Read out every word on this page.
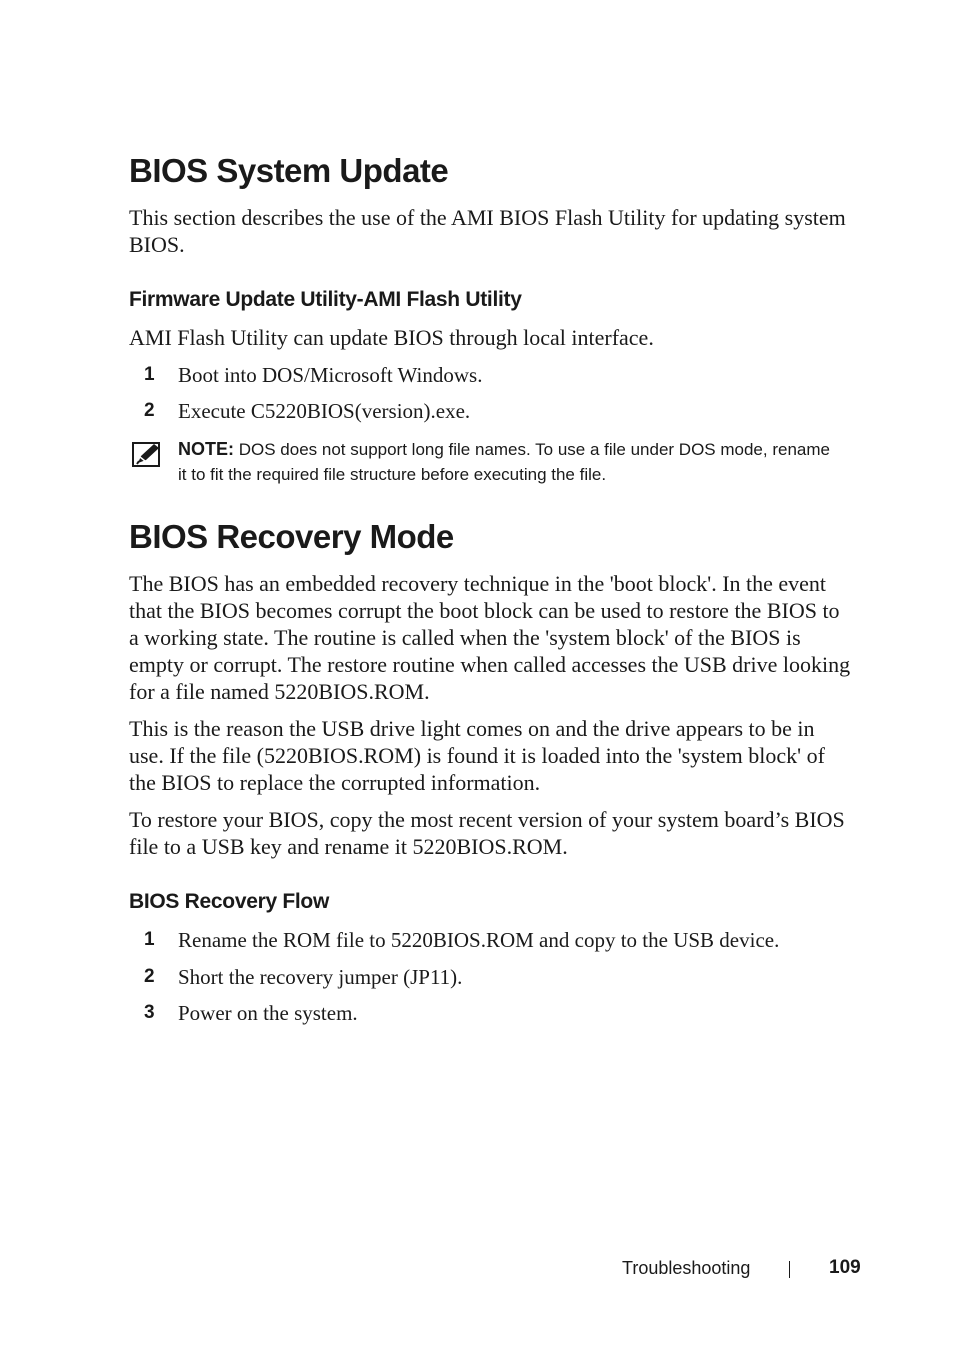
BIOS System Update

This section describes the use of the AMI BIOS Flash Utility for updating system BIOS.

Firmware Update Utility-AMI Flash Utility

AMI Flash Utility can update BIOS through local interface.

1 Boot into DOS/Microsoft Windows.
2 Execute C5220BIOS(version).exe.
NOTE: DOS does not support long file names. To use a file under DOS mode, rename it to fit the required file structure before executing the file.
BIOS Recovery Mode

The BIOS has an embedded recovery technique in the 'boot block'. In the event that the BIOS becomes corrupt the boot block can be used to restore the BIOS to a working state. The routine is called when the 'system block' of the BIOS is empty or corrupt. The restore routine when called accesses the USB drive looking for a file named 5220BIOS.ROM.

This is the reason the USB drive light comes on and the drive appears to be in use. If the file (5220BIOS.ROM) is found it is loaded into the 'system block' of the BIOS to replace the corrupted information.

To restore your BIOS, copy the most recent version of your system board’s BIOS file to a USB key and rename it 5220BIOS.ROM.

BIOS Recovery Flow
1 Rename the ROM file to 5220BIOS.ROM and copy to the USB device.
2 Short the recovery jumper (JP11).
3 Power on the system.
Troubleshooting	109
